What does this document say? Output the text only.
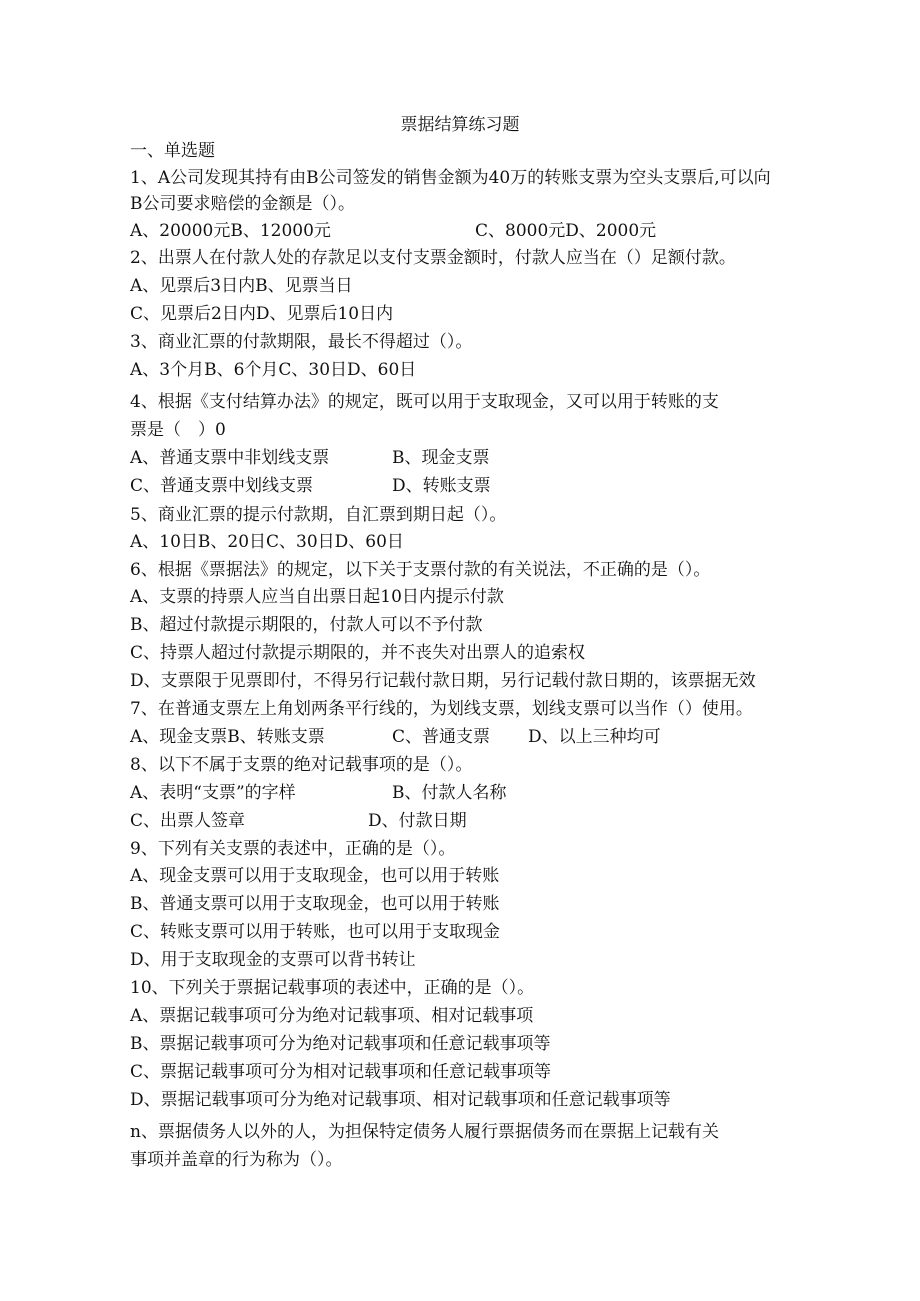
票据结算练习题
一、单选题
1、A公司发现其持有由B公司签发的销售金额为40万的转账支票为空头支票后,可以向
B公司要求赔偿的金额是（）。
A、20000元B、12000元	C、8000元D、2000元
2、出票人在付款人处的存款足以支付支票金额时，付款人应当在（）足额付款。
A、见票后3日内B、见票当日
C、见票后2日内D、见票后10日内
3、商业汇票的付款期限，最长不得超过（）。
A、3个月B、6个月C、30日D、60日
4、根据《支付结算办法》的规定，既可以用于支取现金，又可以用于转账的支
票是（　）0
A、普通支票中非划线支票	B、现金支票
C、普通支票中划线支票	D、转账支票
5、商业汇票的提示付款期，自汇票到期日起（）。
A、10日B、20日C、30日D、60日
6、根据《票据法》的规定，以下关于支票付款的有关说法，不正确的是（）。
A、支票的持票人应当自出票日起10日内提示付款
B、超过付款提示期限的，付款人可以不予付款
C、持票人超过付款提示期限的，并不丧失对出票人的追索权
D、支票限于见票即付，不得另行记载付款日期，另行记载付款日期的，该票据无效
7、在普通支票左上角划两条平行线的，为划线支票，划线支票可以当作（）使用。
A、现金支票B、转账支票	C、普通支票 D、以上三种均可
8、以下不属于支票的绝对记载事项的是（）。
A、表明“支票”的字样	B、付款人名称
C、出票人签章	D、付款日期
9、下列有关支票的表述中，正确的是（）。
A、现金支票可以用于支取现金，也可以用于转账
B、普通支票可以用于支取现金，也可以用于转账
C、转账支票可以用于转账，也可以用于支取现金
D、用于支取现金的支票可以背书转让
10、下列关于票据记载事项的表述中，正确的是（）。
A、票据记载事项可分为绝对记载事项、相对记载事项
B、票据记载事项可分为绝对记载事项和任意记载事项等
C、票据记载事项可分为相对记载事项和任意记载事项等
D、票据记载事项可分为绝对记载事项、相对记载事项和任意记载事项等
n、票据债务人以外的人，为担保特定债务人履行票据债务而在票据上记载有关
事项并盖章的行为称为（）。
